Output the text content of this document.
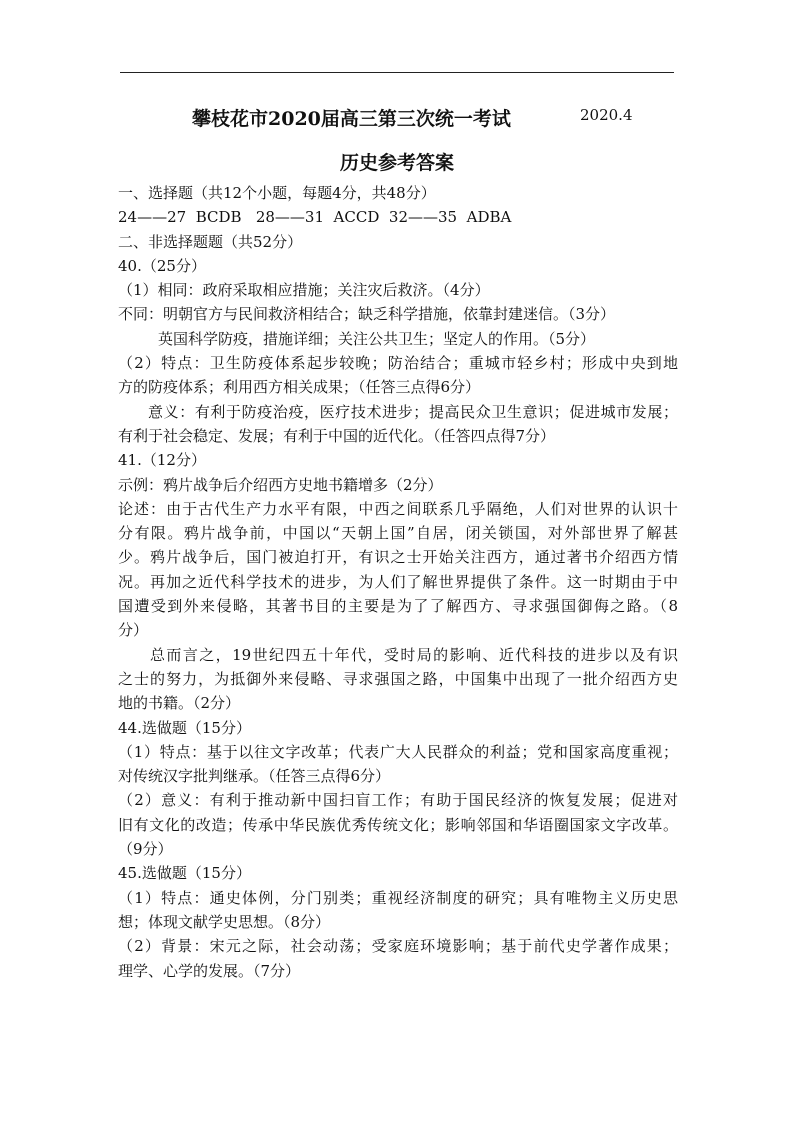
攀枝花市2020届高三第三次统一考试	2020.4
历史参考答案
一、选择题（共12个小题，每题4分，共48分）
24——27  BCDB   28——31  ACCD  32——35  ADBA
二、非选择题题（共52分）
40.（25分）
（1）相同：政府采取相应措施；关注灾后救济。（4分）
不同：明朝官方与民间救济相结合；缺乏科学措施，依靠封建迷信。（3分）
英国科学防疫，措施详细；关注公共卫生；坚定人的作用。（5分）
（2）特点：卫生防疫体系起步较晚；防治结合；重城市轻乡村；形成中央到地
方的防疫体系；利用西方相关成果；（任答三点得6分）
意义：有利于防疫治疫，医疗技术进步；提高民众卫生意识；促进城市发展；
有利于社会稳定、发展；有利于中国的近代化。（任答四点得7分）
41.（12分）
示例：鸦片战争后介绍西方史地书籍增多（2分）
论述：由于古代生产力水平有限，中西之间联系几乎隔绝，人们对世界的认识十
分有限。鸦片战争前，中国以“天朝上国”自居，闭关锁国，对外部世界了解甚
少。鸦片战争后，国门被迫打开，有识之士开始关注西方，通过著书介绍西方情
况。再加之近代科学技术的进步，为人们了解世界提供了条件。这一时期由于中
国遭受到外来侵略，其著书目的主要是为了了解西方、寻求强国御侮之路。（8
分）
总而言之，19世纪四五十年代，受时局的影响、近代科技的进步以及有识
之士的努力，为抵御外来侵略、寻求强国之路，中国集中出现了一批介绍西方史
地的书籍。（2分）
44.选做题（15分）
（1）特点：基于以往文字改革；代表广大人民群众的利益；党和国家高度重视；
对传统汉字批判继承。（任答三点得6分）
（2）意义：有利于推动新中国扫盲工作；有助于国民经济的恢复发展；促进对
旧有文化的改造；传承中华民族优秀传统文化；影响邻国和华语圈国家文字改革。
（9分）
45.选做题（15分）
（1）特点：通史体例，分门别类；重视经济制度的研究；具有唯物主义历史思
想；体现文献学史思想。（8分）
（2）背景：宋元之际，社会动荡；受家庭环境影响；基于前代史学著作成果；
理学、心学的发展。（7分）
